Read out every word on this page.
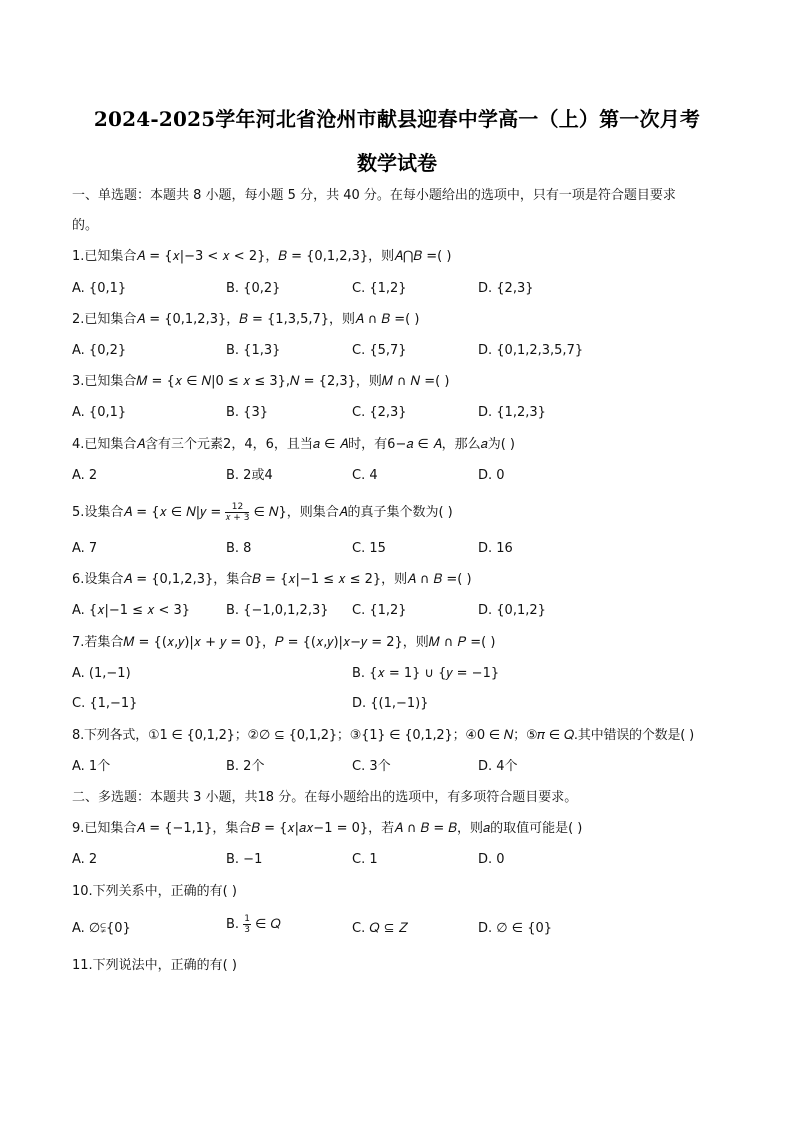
2024-2025学年河北省沧州市献县迎春中学高一（上）第一次月考
数学试卷
一、单选题：本题共 8 小题，每小题 5 分，共 40 分。在每小题给出的选项中，只有一项是符合题目要求
的。
1.已知集合𝐴 = {𝑥|−3 < 𝑥 < 2}，𝐵 = {0,1,2,3}，则𝐴⋂𝐵 =( )
A. {0,1}	B. {0,2}	C. {1,2}	D. {2,3}
2.已知集合𝐴 = {0,1,2,3}，𝐵 = {1,3,5,7}，则𝐴 ∩ 𝐵 =( )
A. {0,2}	B. {1,3}	C. {5,7}	D. {0,1,2,3,5,7}
3.已知集合𝑀 = {𝑥 ∈ 𝑁|0 ≤ 𝑥 ≤ 3},𝑁 = {2,3}，则𝑀 ∩ 𝑁 =( )
A. {0,1}	B. {3}	C. {2,3}	D. {1,2,3}
4.已知集合𝐴含有三个元素2，4，6，且当𝑎 ∈ 𝐴时，有6−𝑎 ∈ 𝐴，那么𝑎为( )
A. 2	B. 2或4	C. 4	D. 0
5.设集合𝐴 = {𝑥 ∈ 𝑁|𝑦 = $\frac{12}{\text{𝑥 + 3}}$ ∈ 𝑁}，则集合𝐴的真子集个数为( )
A. 7	B. 8	C. 15	D. 16
6.设集合𝐴 = {0,1,2,3}，集合𝐵 = {𝑥|−1 ≤ 𝑥 ≤ 2}，则𝐴 ∩ 𝐵 =( )
A. {𝑥|−1 ≤ 𝑥 < 3}	B. {−1,0,1,2,3} C. {1,2}	D. {0,1,2}
7.若集合𝑀 = {(𝑥,𝑦)|𝑥 + 𝑦 = 0}，𝑃 = {(𝑥,𝑦)|𝑥−𝑦 = 2}，则𝑀 ∩ 𝑃 =( )
A. (1,−1)	B. {𝑥 = 1} ∪ {𝑦 = −1}
C. {1,−1}	D. {(1,−1)}
8.下列各式，①1 ∈ {0,1,2}；②∅ ⊆ {0,1,2}；③{1} ∈ {0,1,2}；④0 ∈ 𝑁；⑤𝜋 ∈ 𝑄.其中错误的个数是( )
A. 1个	B. 2个	C. 3个	D. 4个
二、多选题：本题共 3 小题，共18 分。在每小题给出的选项中，有多项符合题目要求。
9.已知集合𝐴 = {−1,1}，集合𝐵 = {𝑥|𝑎𝑥−1 = 0}，若𝐴 ∩ 𝐵 = 𝐵，则𝑎的取值可能是( )
A. 2	B. −1	C. 1	D. 0
10.下列关系中，正确的有( )
A. ∅⫋{0}	B. $\frac{1}{3}$ ∈ 𝑄	C. 𝑄 ⊆ 𝑍	D. ∅ ∈ {0}
11.下列说法中，正确的有( )
